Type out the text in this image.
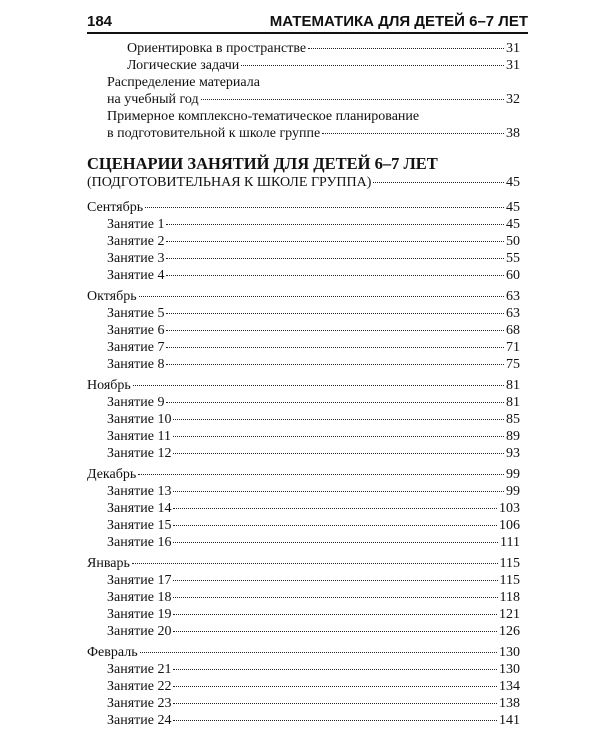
184	МАТЕМАТИКА ДЛЯ ДЕТЕЙ 6–7 ЛЕТ
Ориентировка в пространстве	31
Логические задачи	31
Распределение материала
на учебный год	32
Примерное комплексно-тематическое планирование
в подготовительной к школе группе	38
СЦЕНАРИИ ЗАНЯТИЙ ДЛЯ ДЕТЕЙ 6–7 ЛЕТ
(ПОДГОТОВИТЕЛЬНАЯ К ШКОЛЕ ГРУППА)	45
Сентябрь	45
Занятие 1	45
Занятие 2	50
Занятие 3	55
Занятие 4	60
Октябрь	63
Занятие 5	63
Занятие 6	68
Занятие 7	71
Занятие 8	75
Ноябрь	81
Занятие 9	81
Занятие 10	85
Занятие 11	89
Занятие 12	93
Декабрь	99
Занятие 13	99
Занятие 14	103
Занятие 15	106
Занятие 16	111
Январь	115
Занятие 17	115
Занятие 18	118
Занятие 19	121
Занятие 20	126
Февраль	130
Занятие 21	130
Занятие 22	134
Занятие 23	138
Занятие 24	141
